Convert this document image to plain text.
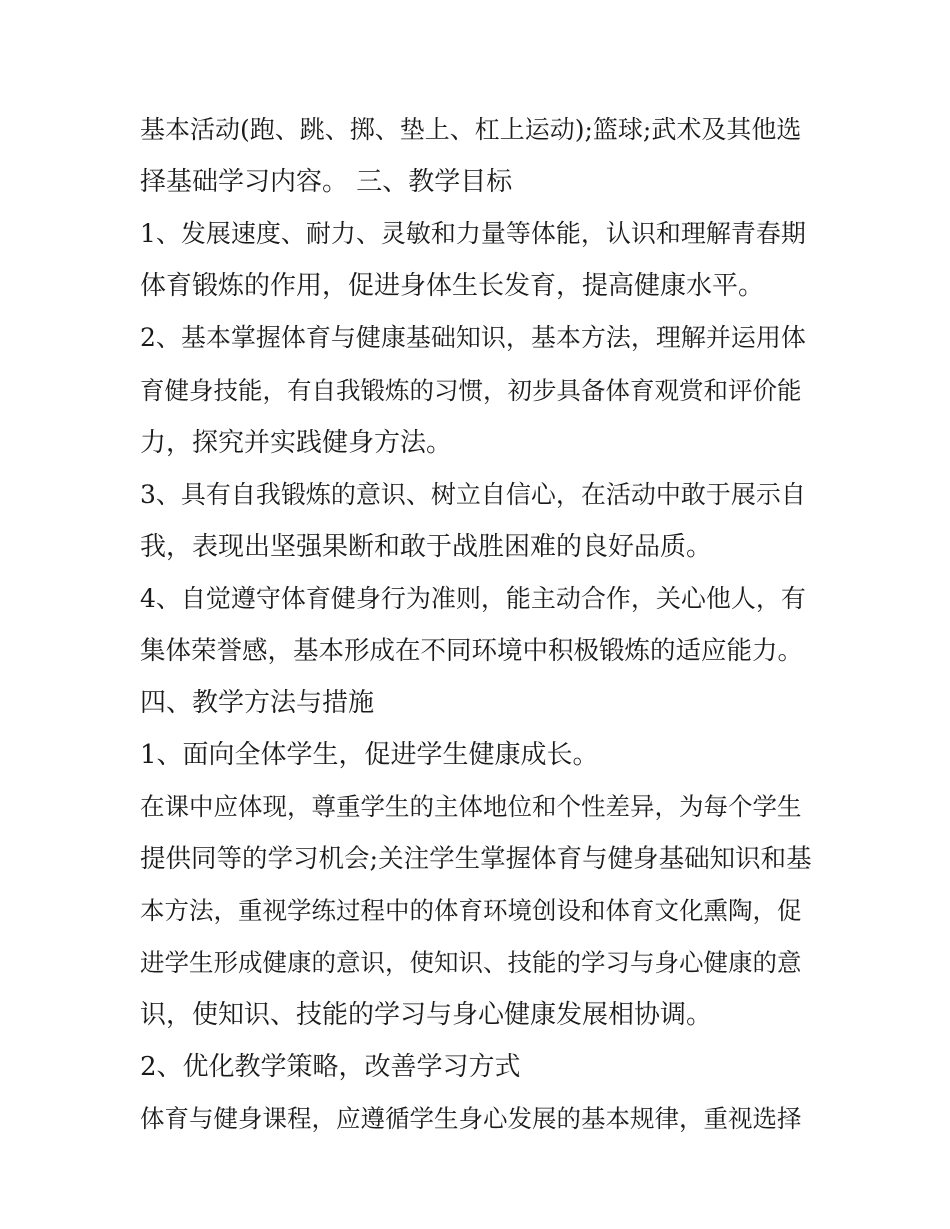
基本活动(跑、跳、掷、垫上、杠上运动);篮球;武术及其他选
择基础学习内容。 三、教学目标
1、发展速度、耐力、灵敏和力量等体能，认识和理解青春期
体育锻炼的作用，促进身体生长发育，提高健康水平。
2、基本掌握体育与健康基础知识，基本方法，理解并运用体
育健身技能，有自我锻炼的习惯，初步具备体育观赏和评价能
力，探究并实践健身方法。
3、具有自我锻炼的意识、树立自信心，在活动中敢于展示自
我，表现出坚强果断和敢于战胜困难的良好品质。
4、自觉遵守体育健身行为准则，能主动合作，关心他人，有
集体荣誉感，基本形成在不同环境中积极锻炼的适应能力。
四、教学方法与措施
1、面向全体学生，促进学生健康成长。
在课中应体现，尊重学生的主体地位和个性差异，为每个学生
提供同等的学习机会;关注学生掌握体育与健身基础知识和基
本方法，重视学练过程中的体育环境创设和体育文化熏陶，促
进学生形成健康的意识，使知识、技能的学习与身心健康的意
识，使知识、技能的学习与身心健康发展相协调。
2、优化教学策略，改善学习方式
体育与健身课程，应遵循学生身心发展的基本规律，重视选择
